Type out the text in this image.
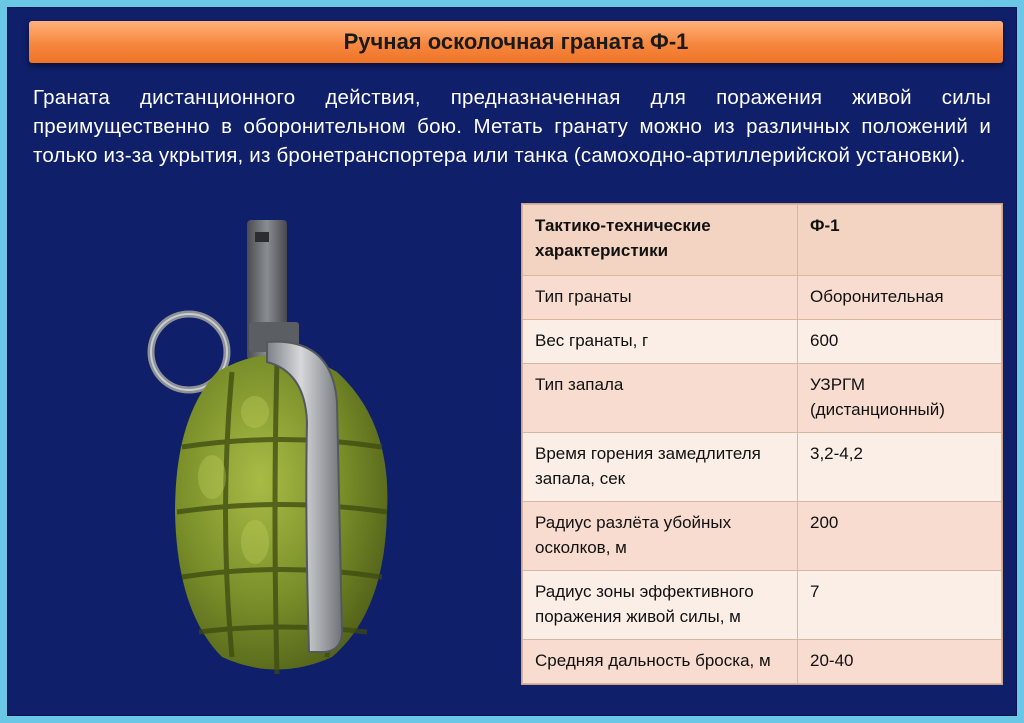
Ручная осколочная граната Ф-1
Граната дистанционного действия, предназначенная для поражения живой силы преимущественно в оборонительном бою. Метать гранату можно из различных положений и только из-за укрытия, из бронетранспортера или танка (самоходно-артиллерийской установки).
Тактико-технические характеристики	Ф-1
Тип гранаты	Оборонительная
Вес гранаты, г	600
Тип запала	УЗРГМ (дистанционный)
Время горения замедлителя запала, сек	3,2-4,2
Радиус разлёта убойных осколков, м	200
Радиус зоны эффективного поражения живой силы, м	7
Средняя дальность броска, м	20-40
